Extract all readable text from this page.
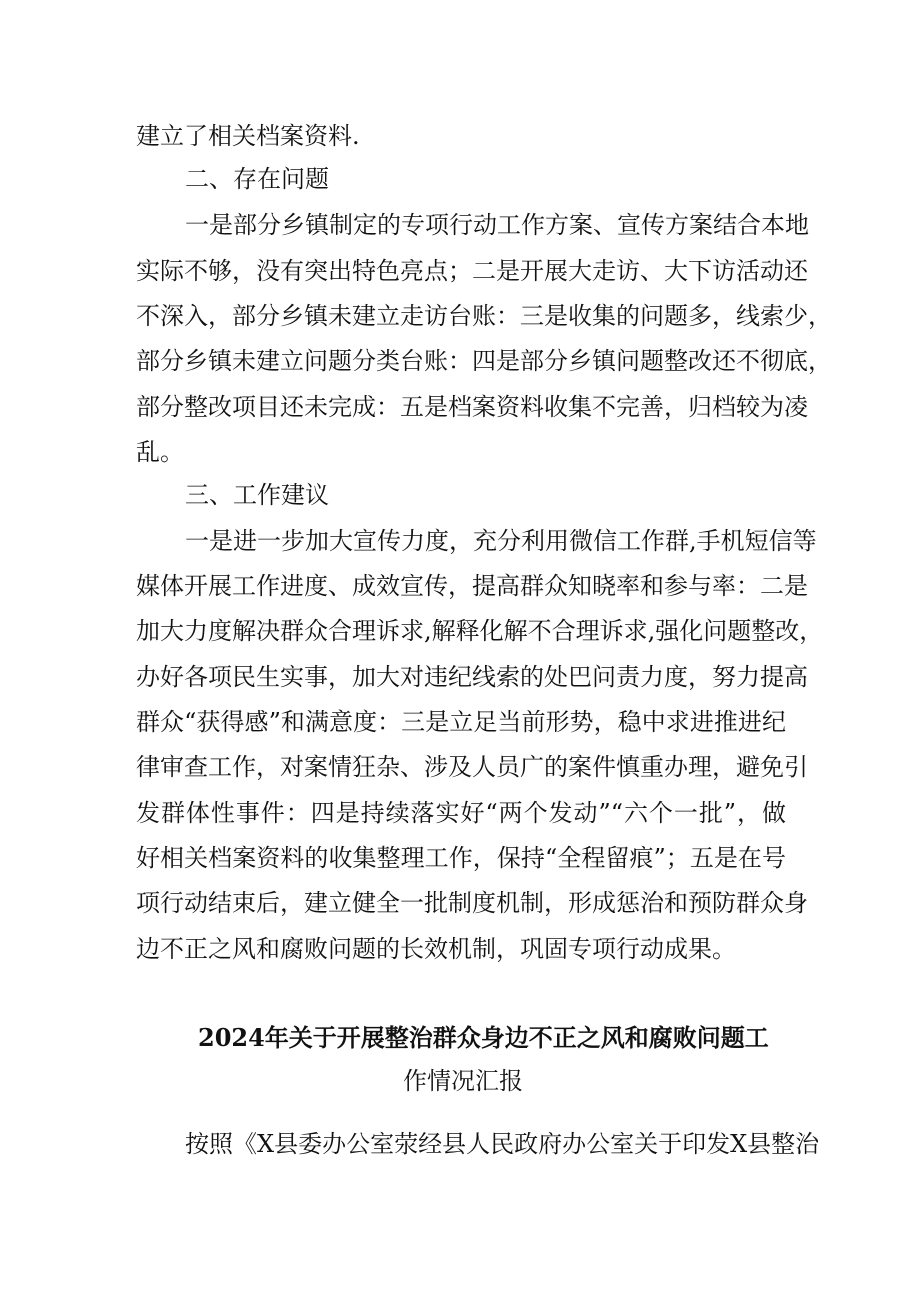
建立了相关档案资料.
二、存在问题
一是部分乡镇制定的专项行动工作方案、宣传方案结合本地
实际不够，没有突出特色亮点；二是开展大走访、大下访活动还
不深入，部分乡镇未建立走访台账：三是收集的问题多，线索少，
部分乡镇未建立问题分类台账：四是部分乡镇问题整改还不彻底，
部分整改项目还未完成：五是档案资料收集不完善，归档较为凌
乱。
三、工作建议
一是进一步加大宣传力度，充分利用微信工作群,手机短信等
媒体开展工作进度、成效宣传，提高群众知晓率和参与率：二是
加大力度解决群众合理诉求,解释化解不合理诉求,强化问题整改，
办好各项民生实事，加大对违纪线索的处巴问责力度，努力提高
群众“获得感”和满意度：三是立足当前形势，稳中求进推进纪
律审查工作，对案情狂杂、涉及人员广的案件慎重办理，避免引
发群体性事件：四是持续落实好“两个发动”“六个一批”，做
好相关档案资料的收集整理工作，保持“全程留痕”；五是在号
项行动结束后，建立健全一批制度机制，形成惩治和预防群众身
边不正之风和腐败问题的长效机制，巩固专项行动成果。
2024年关于开展整治群众身边不正之风和腐败问题工
作情况汇报
按照《X县委办公室荥经县人民政府办公室关于印发X县整治
